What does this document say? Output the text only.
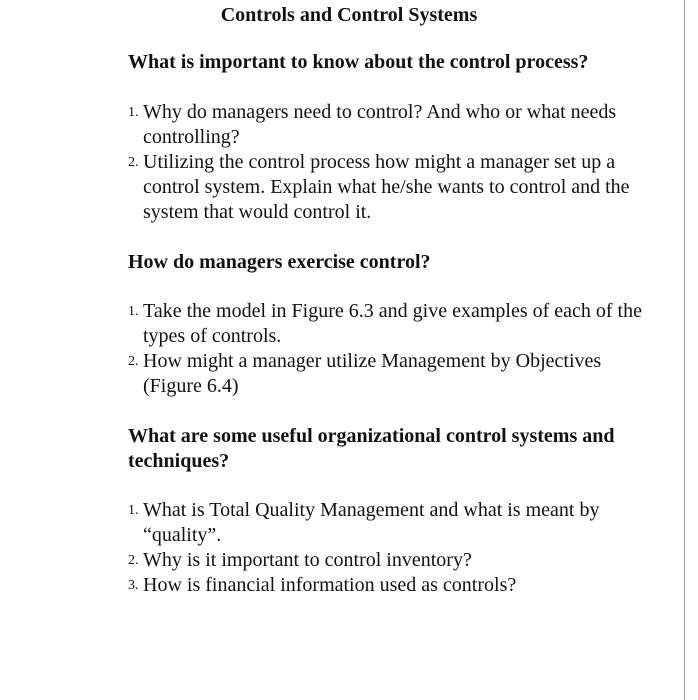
Controls and Control Systems
What is important to know about the control process?
1. Why do managers need to control? And who or what needs controlling?
2. Utilizing the control process how might a manager set up a control system. Explain what he/she wants to control and the system that would control it.
How do managers exercise control?
1. Take the model in Figure 6.3 and give examples of each of the types of controls.
2. How might a manager utilize Management by Objectives (Figure 6.4)
What are some useful organizational control systems and techniques?
1. What is Total Quality Management and what is meant by “quality”.
2. Why is it important to control inventory?
3. How is financial information used as controls?
